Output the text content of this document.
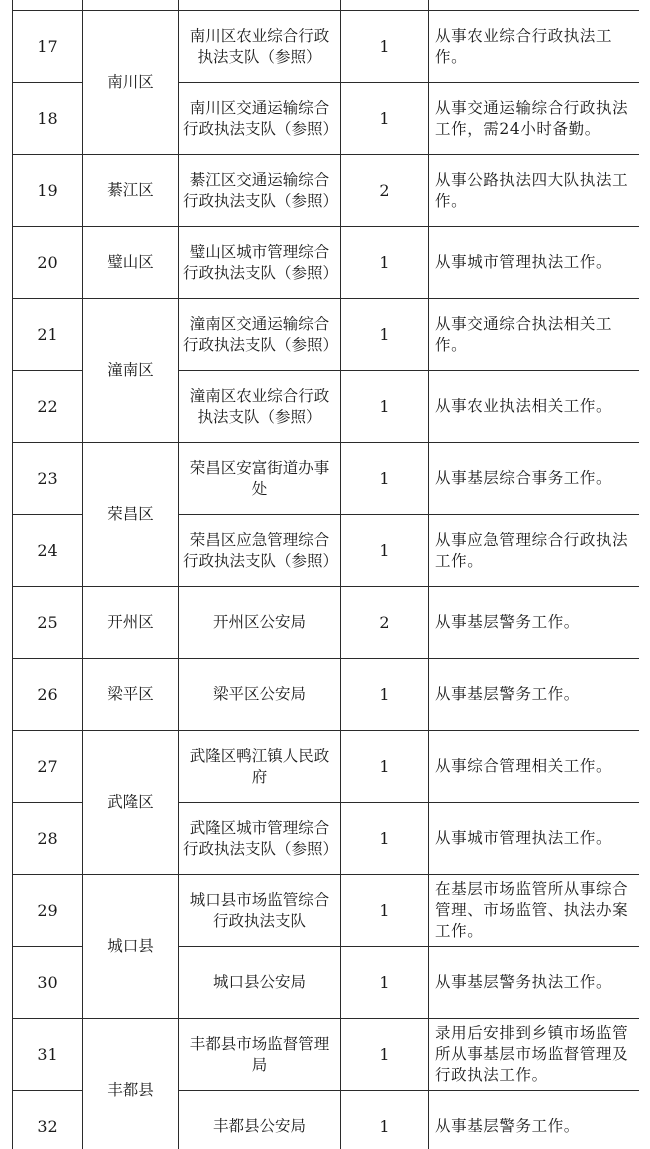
17	南川区	南川区农业综合行政执法支队（参照）	1	从事农业综合行政执法工作。
18		南川区交通运输综合行政执法支队（参照）	1	从事交通运输综合行政执法工作，需24小时备勤。
19	綦江区	綦江区交通运输综合行政执法支队（参照）	2	从事公路执法四大队执法工作。
20	璧山区	璧山区城市管理综合行政执法支队（参照）	1	从事城市管理执法工作。
21	潼南区	潼南区交通运输综合行政执法支队（参照）	1	从事交通综合执法相关工作。
22		潼南区农业综合行政执法支队（参照）	1	从事农业执法相关工作。
23	荣昌区	荣昌区安富街道办事处	1	从事基层综合事务工作。
24		荣昌区应急管理综合行政执法支队（参照）	1	从事应急管理综合行政执法工作。
25	开州区	开州区公安局	2	从事基层警务工作。
26	梁平区	梁平区公安局	1	从事基层警务工作。
27	武隆区	武隆区鸭江镇人民政府	1	从事综合管理相关工作。
28		武隆区城市管理综合行政执法支队（参照）	1	从事城市管理执法工作。
29	城口县	城口县市场监管综合行政执法支队	1	在基层市场监管所从事综合管理、市场监管、执法办案工作。
30		城口县公安局	1	从事基层警务执法工作。
31	丰都县	丰都县市场监督管理局	1	录用后安排到乡镇市场监管所从事基层市场监督管理及行政执法工作。
32		丰都县公安局	1	从事基层警务工作。
